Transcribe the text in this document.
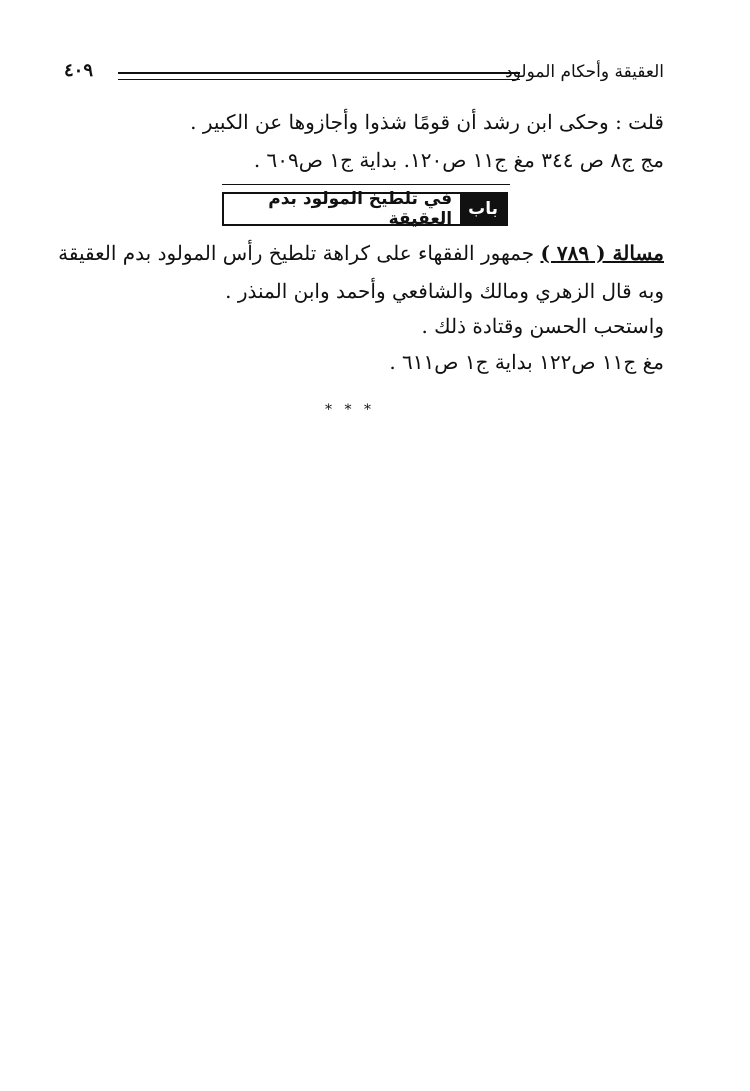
العقيقة وأحكام المولود
٤٠٩
قلت : وحكى ابن رشد أن قومًا شذوا وأجازوها عن الكبير .
مج ج٨ ص ٣٤٤ مغ ج١١ ص١٢٠. بداية ج١ ص٦٠٩ .
باب
في تلطيخ المولود بدم العقيقة
مسالة ( ٧٨٩ ) جمهور الفقهاء على كراهة تلطيخ رأس المولود بدم العقيقة
وبه قال الزهري ومالك والشافعي وأحمد وابن المنذر .
واستحب الحسن وقتادة ذلك .
مغ ج١١ ص١٢٢ بداية ج١ ص٦١١ .
* * *
